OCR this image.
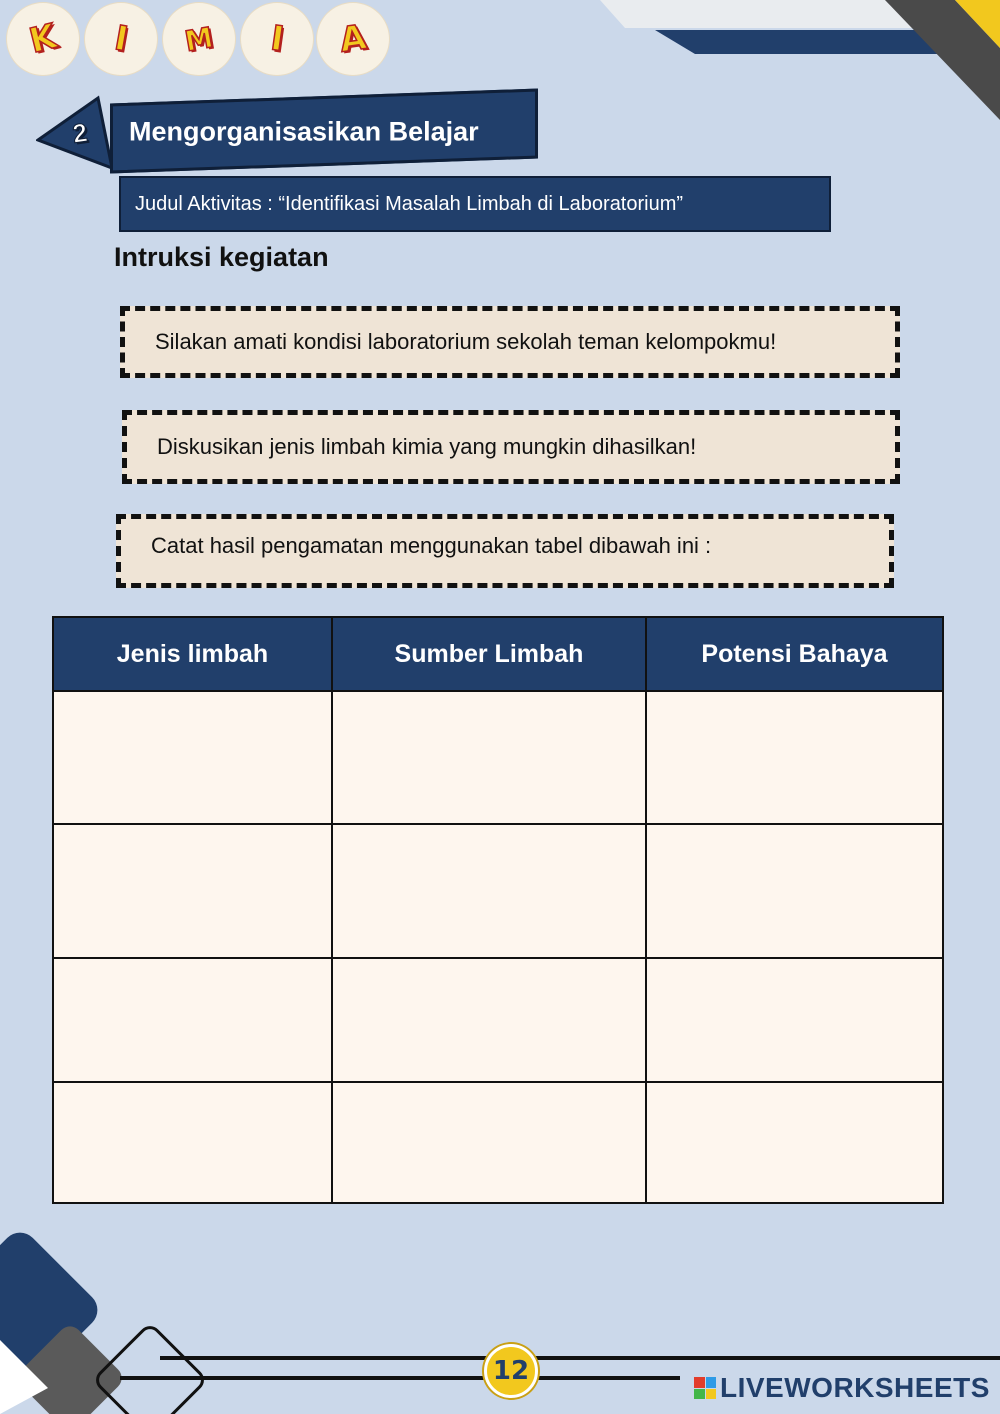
K I M I A
2	Mengorganisasikan Belajar
Judul Aktivitas : “Identifikasi Masalah Limbah di Laboratorium”
Intruksi kegiatan
Silakan amati kondisi laboratorium sekolah teman kelompokmu!
Diskusikan jenis limbah kimia yang mungkin dihasilkan!
Catat hasil pengamatan menggunakan tabel dibawah ini :
Jenis limbah	Sumber Limbah	Potensi Bahaya

12
LIVEWORKSHEETS
